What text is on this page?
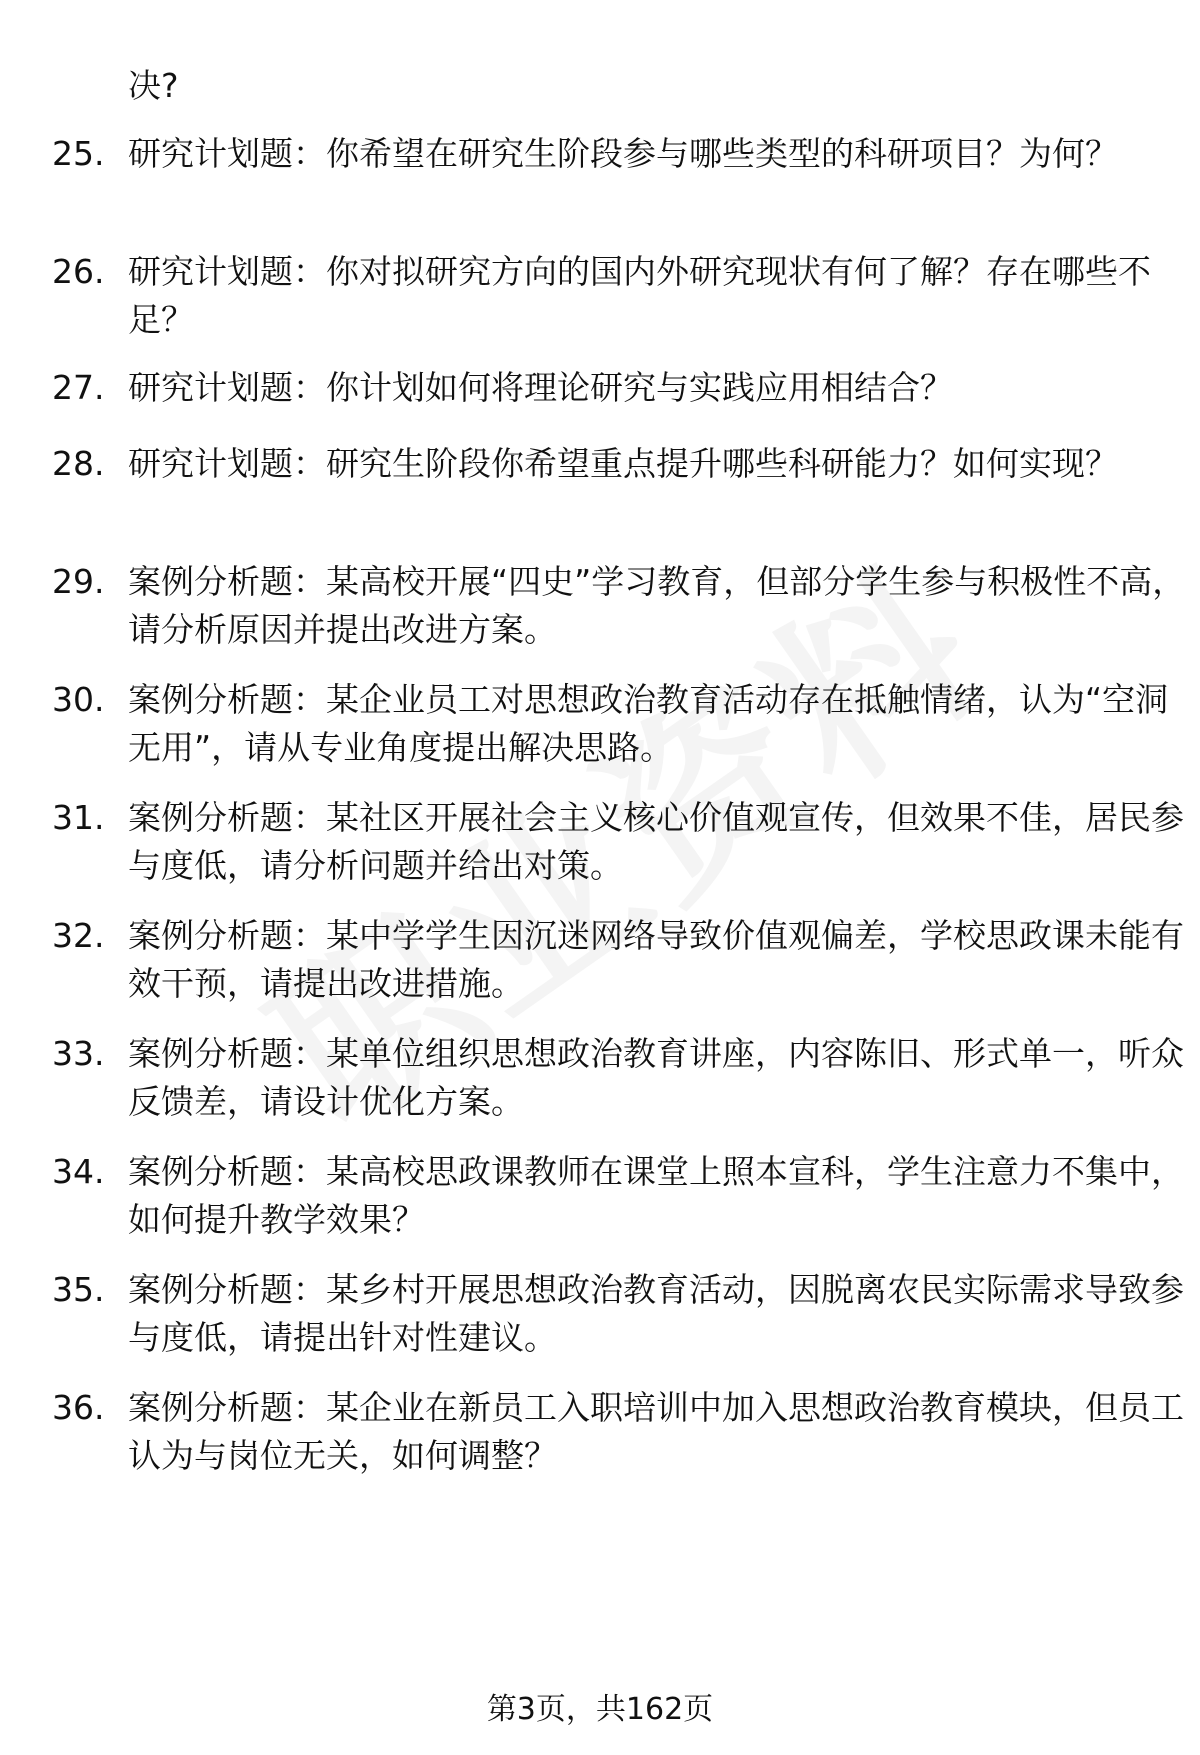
决?

25. 研究计划题：你希望在研究生阶段参与哪些类型的科研项目？为何？
26. 研究计划题：你对拟研究方向的国内外研究现状有何了解？存在哪些不足？
27. 研究计划题：你计划如何将理论研究与实践应用相结合？
28. 研究计划题：研究生阶段你希望重点提升哪些科研能力？如何实现？
29. 案例分析题：某高校开展“四史”学习教育，但部分学生参与积极性不高，请分析原因并提出改进方案。
30. 案例分析题：某企业员工对思想政治教育活动存在抵触情绪，认为“空洞无用”，请从专业角度提出解决思路。
31. 案例分析题：某社区开展社会主义核心价值观宣传，但效果不佳，居民参与度低，请分析问题并给出对策。
32. 案例分析题：某中学学生因沉迷网络导致价值观偏差，学校思政课未能有效干预，请提出改进措施。
33. 案例分析题：某单位组织思想政治教育讲座，内容陈旧、形式单一，听众反馈差，请设计优化方案。
34. 案例分析题：某高校思政课教师在课堂上照本宣科，学生注意力不集中，如何提升教学效果？
35. 案例分析题：某乡村开展思想政治教育活动，因脱离农民实际需求导致参与度低，请提出针对性建议。
36. 案例分析题：某企业在新员工入职培训中加入思想政治教育模块，但员工认为与岗位无关，如何调整？
第3页，共162页
